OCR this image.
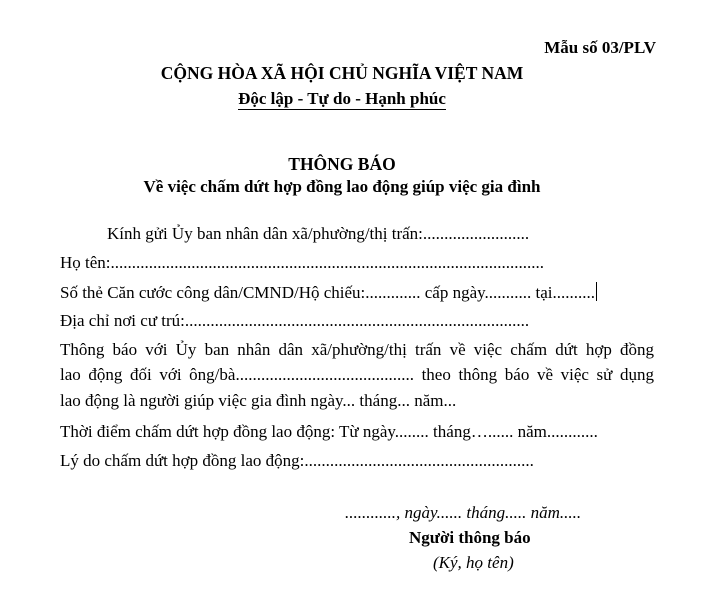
Mẫu số 03/PLV
CỘNG HÒA XÃ HỘI CHỦ NGHĨA VIỆT NAM
Độc lập - Tự do - Hạnh phúc
THÔNG BÁO
Về việc chấm dứt hợp đồng lao động giúp việc gia đình
Kính gửi Ủy ban nhân dân xã/phường/thị trấn:.........................
Họ tên:......................................................................................................
Số thẻ Căn cước công dân/CMND/Hộ chiếu:............. cấp ngày........... tại..........
Địa chỉ nơi cư trú:.................................................................................
Thông báo với Ủy ban nhân dân xã/phường/thị trấn về việc chấm dứt hợp đồng
lao động đối với ông/bà.......................................... theo thông báo về việc sử dụng
lao động là người giúp việc gia đình ngày... tháng... năm...
Thời điểm chấm dứt hợp đồng lao động: Từ ngày........ tháng…...... năm............
Lý do chấm dứt hợp đồng lao động:......................................................
............, ngày...... tháng..... năm.....
Người thông báo
(Ký, họ tên)
